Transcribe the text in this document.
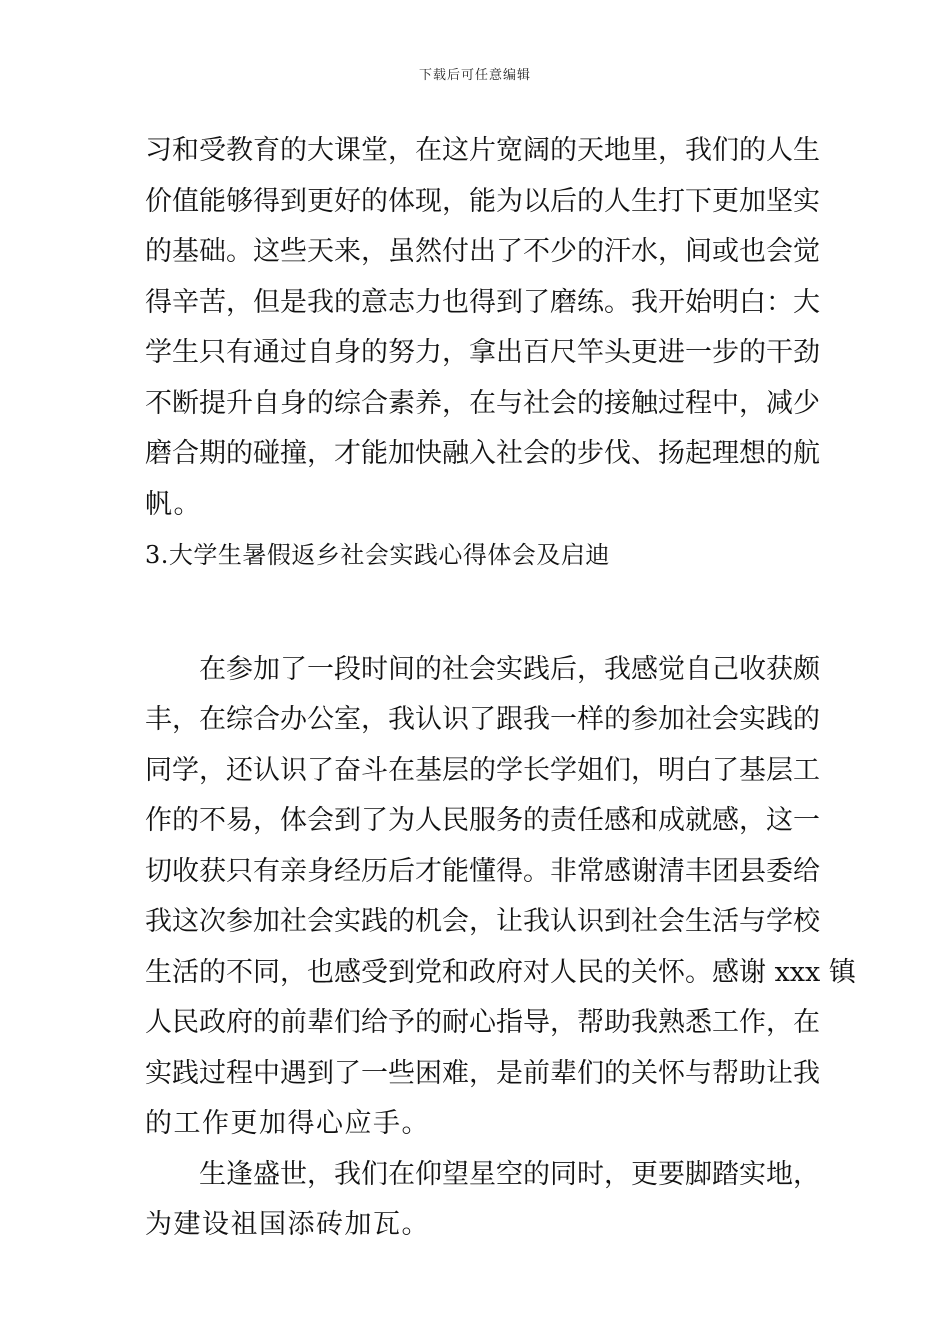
下载后可任意编辑
习和受教育的大课堂，在这片宽阔的天地里，我们的人生
价值能够得到更好的体现，能为以后的人生打下更加坚实
的基础。这些天来，虽然付出了不少的汗水，间或也会觉
得辛苦，但是我的意志力也得到了磨练。我开始明白：大
学生只有通过自身的努力，拿出百尺竿头更进一步的干劲
不断提升自身的综合素养，在与社会的接触过程中，减少
磨合期的碰撞，才能加快融入社会的步伐、扬起理想的航
帆。
3.大学生暑假返乡社会实践心得体会及启迪
在参加了一段时间的社会实践后，我感觉自己收获颇
丰，在综合办公室，我认识了跟我一样的参加社会实践的
同学，还认识了奋斗在基层的学长学姐们，明白了基层工
作的不易，体会到了为人民服务的责任感和成就感，这一
切收获只有亲身经历后才能懂得。非常感谢清丰团县委给
我这次参加社会实践的机会，让我认识到社会生活与学校
生活的不同，也感受到党和政府对人民的关怀。感谢 xxx 镇
人民政府的前辈们给予的耐心指导，帮助我熟悉工作，在
实践过程中遇到了一些困难，是前辈们的关怀与帮助让我
的工作更加得心应手。
生逢盛世，我们在仰望星空的同时，更要脚踏实地，
为建设祖国添砖加瓦。
